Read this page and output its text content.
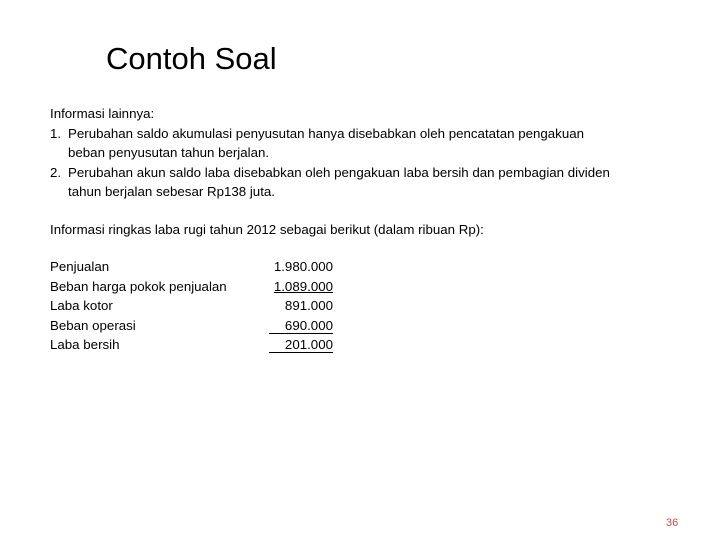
Contoh Soal
Informasi lainnya:
1. Perubahan saldo akumulasi penyusutan hanya disebabkan oleh pencatatan pengakuan beban penyusutan tahun berjalan.
2. Perubahan akun saldo laba disebabkan oleh pengakuan laba bersih dan pembagian dividen tahun berjalan sebesar Rp138 juta.
Informasi ringkas laba rugi tahun 2012 sebagai berikut (dalam ribuan Rp):
Penjualan	1.980.000
Beban harga pokok penjualan	1.089.000
Laba kotor	891.000
Beban operasi	690.000
Laba bersih	201.000
36
